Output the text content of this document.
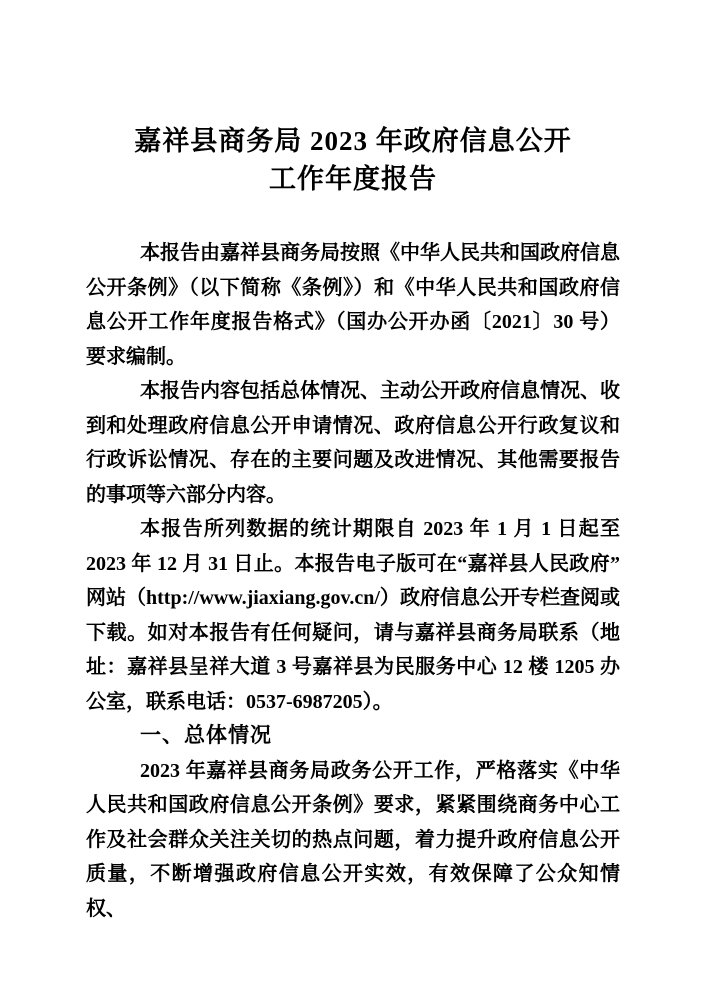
嘉祥县商务局 2023 年政府信息公开
工作年度报告

本报告由嘉祥县商务局按照《中华人民共和国政府信息公开条例》（以下简称《条例》）和《中华人民共和国政府信息公开工作年度报告格式》（国办公开办函〔2021〕30 号）要求编制。

本报告内容包括总体情况、主动公开政府信息情况、收到和处理政府信息公开申请情况、政府信息公开行政复议和行政诉讼情况、存在的主要问题及改进情况、其他需要报告的事项等六部分内容。

本报告所列数据的统计期限自 2023 年 1 月 1 日起至 2023 年 12 月 31 日止。本报告电子版可在“嘉祥县人民政府”网站（http://www.jiaxiang.gov.cn/）政府信息公开专栏查阅或下载。如对本报告有任何疑问，请与嘉祥县商务局联系（地址：嘉祥县呈祥大道 3 号嘉祥县为民服务中心 12 楼 1205 办公室，联系电话：0537-6987205）。

一、总体情况

2023 年嘉祥县商务局政务公开工作，严格落实《中华人民共和国政府信息公开条例》要求，紧紧围绕商务中心工作及社会群众关注关切的热点问题，着力提升政府信息公开质量，不断增强政府信息公开实效，有效保障了公众知情权、
